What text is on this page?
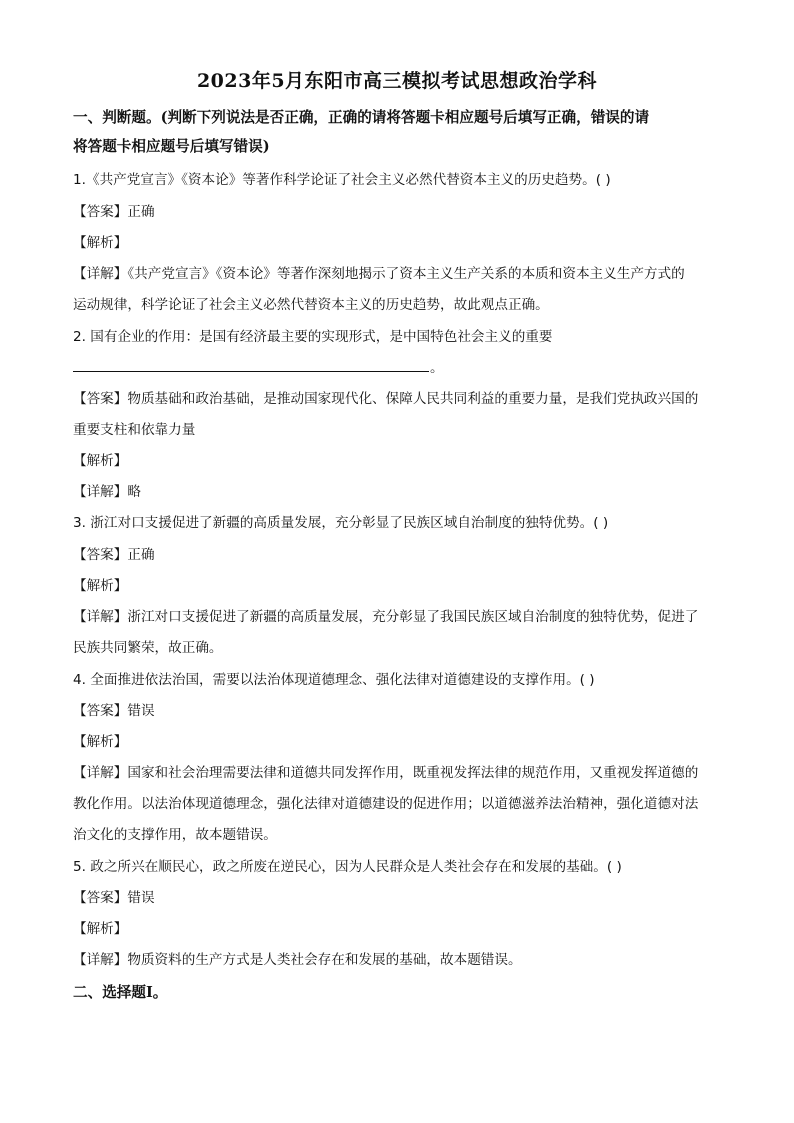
2023年5月东阳市高三模拟考试思想政治学科
一、判断题。(判断下列说法是否正确，正确的请将答题卡相应题号后填写正确，错误的请
将答题卡相应题号后填写错误)
1.《共产党宣言》《资本论》等著作科学论证了社会主义必然代替资本主义的历史趋势。( )
【答案】正确
【解析】
【详解】《共产党宣言》《资本论》等著作深刻地揭示了资本主义生产关系的本质和资本主义生产方式的
运动规律，科学论证了社会主义必然代替资本主义的历史趋势，故此观点正确。
2. 国有企业的作用：是国有经济最主要的实现形式，是中国特色社会主义的重要
。
【答案】物质基础和政治基础，是推动国家现代化、保障人民共同利益的重要力量，是我们党执政兴国的
重要支柱和依靠力量
【解析】
【详解】略
3. 浙江对口支援促进了新疆的高质量发展，充分彰显了民族区域自治制度的独特优势。( )
【答案】正确
【解析】
【详解】浙江对口支援促进了新疆的高质量发展，充分彰显了我国民族区域自治制度的独特优势，促进了
民族共同繁荣，故正确。
4. 全面推进依法治国，需要以法治体现道德理念、强化法律对道德建设的支撑作用。( )
【答案】错误
【解析】
【详解】国家和社会治理需要法律和道德共同发挥作用，既重视发挥法律的规范作用，又重视发挥道德的
教化作用。以法治体现道德理念，强化法律对道德建设的促进作用；以道德滋养法治精神，强化道德对法
治文化的支撑作用，故本题错误。
5. 政之所兴在顺民心，政之所废在逆民心，因为人民群众是人类社会存在和发展的基础。( )
【答案】错误
【解析】
【详解】物质资料的生产方式是人类社会存在和发展的基础，故本题错误。
二、选择题Ⅰ。
